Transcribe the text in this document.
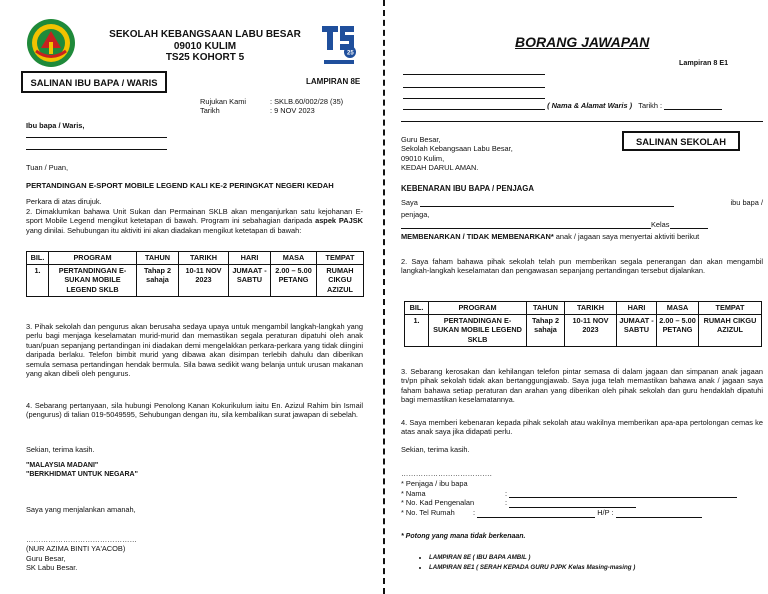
SEKOLAH KEBANGSAAN LABU BESAR
09010 KULIM
TS25 KOHORT 5	25
SALINAN IBU BAPA / WARIS	LAMPIRAN 8E
Rujukan Kami	: SKLB.60/002/28 (35)
Tarikh	: 9 NOV 2023
Ibu bapa / Waris,
Tuan / Puan,
PERTANDINGAN E-SPORT MOBILE LEGEND KALI KE-2 PERINGKAT NEGERI KEDAH
Perkara di atas dirujuk.
2. Dimaklumkan bahawa Unit Sukan dan Permainan SKLB akan menganjurkan satu kejohanan E-sport Mobile Legend mengikut ketetapan di bawah. Program ini sebahagian daripada aspek PAJSK yang dinilai. Sehubungan itu aktiviti ini akan diadakan mengikut ketetapan di bawah:
BIL.	PROGRAM	TAHUN	TARIKH	HARI	MASA	TEMPAT
1.	PERTANDINGAN E-SUKAN MOBILE LEGEND SKLB	Tahap 2 sahaja	10-11 NOV 2023	JUMAAT - SABTU	2.00 – 5.00 PETANG	RUMAH CIKGU AZIZUL
3. Pihak sekolah dan pengurus akan berusaha sedaya upaya untuk mengambil langkah-langkah yang perlu bagi menjaga keselamatan murid-murid dan memastikan segala peraturan dipatuhi oleh anak tuan/puan sepanjang pertandingan ini diadakan demi mengelakkan perkara-perkara yang tidak diingini daripada berlaku. Telefon bimbit murid yang dibawa akan disimpan terlebih dahulu dan diberikan semula semasa pertandingan hendak bermula. Sila bawa sedikit wang belanja untuk urusan makanan yang akan dibeli oleh pengurus.
4. Sebarang pertanyaan, sila hubungi Penolong Kanan Kokurikulum iaitu En. Azizul Rahim bin Ismail (pengurus) di talian 019-5049595, Sehubungan dengan itu, sila kembalikan surat jawapan di sebelah.
Sekian, terima kasih.
"MALAYSIA MADANI"
"BERKHIDMAT UNTUK NEGARA"
Saya yang menjalankan amanah,
………………………………………
(NUR AZIMA BINTI YA'ACOB)
Guru Besar,
SK Labu Besar.
BORANG JAWAPAN
Lampiran 8 E1
( Nama & Alamat Waris ) Tarikh :
Guru Besar,
Sekolah Kebangsaan Labu Besar,
09010 Kulim,
KEDAH DARUL AMAN.
SALINAN SEKOLAH
KEBENARAN IBU BAPA / PENJAGA
Saya	ibu bapa /
penjaga,
Kelas
MEMBENARKAN / TIDAK MEMBENARKAN* anak / jagaan saya menyertai aktiviti berikut
2. Saya faham bahawa pihak sekolah telah pun memberikan segala penerangan dan akan mengambil langkah-langkah keselamatan dan pengawasan sepanjang pertandingan tersebut dijalankan.
BIL.	PROGRAM	TAHUN	TARIKH	HARI	MASA	TEMPAT
1.	PERTANDINGAN E-SUKAN MOBILE LEGEND SKLB	Tahap 2 sahaja	10-11 NOV 2023	JUMAAT - SABTU	2.00 – 5.00 PETANG	RUMAH CIKGU AZIZUL
3. Sebarang kerosakan dan kehilangan telefon pintar semasa di dalam jagaan dan simpanan anak jagaan tn/pn pihak sekolah tidak akan bertanggungjawab. Saya juga telah memastikan bahawa anak / jagaan saya faham bahawa setiap peraturan dan arahan yang diberikan oleh pihak sekolah dan guru hendaklah dipatuhi bagi memastikan keselamatannya.
4. Saya memberi kebenaran kepada pihak sekolah atau wakilnya memberikan apa-apa pertolongan cemas ke atas anak saya jika didapati perlu.
Sekian, terima kasih.
……………………………….
* Penjaga / ibu bapa
* Nama	:
* No. Kad Pengenalan	:
* No. Tel Rumah :	H/P :
* Potong yang mana tidak berkenaan.
• LAMPIRAN 8E ( IBU BAPA AMBIL )
• LAMPIRAN 8E1 ( SERAH KEPADA GURU PJPK Kelas Masing-masing )
